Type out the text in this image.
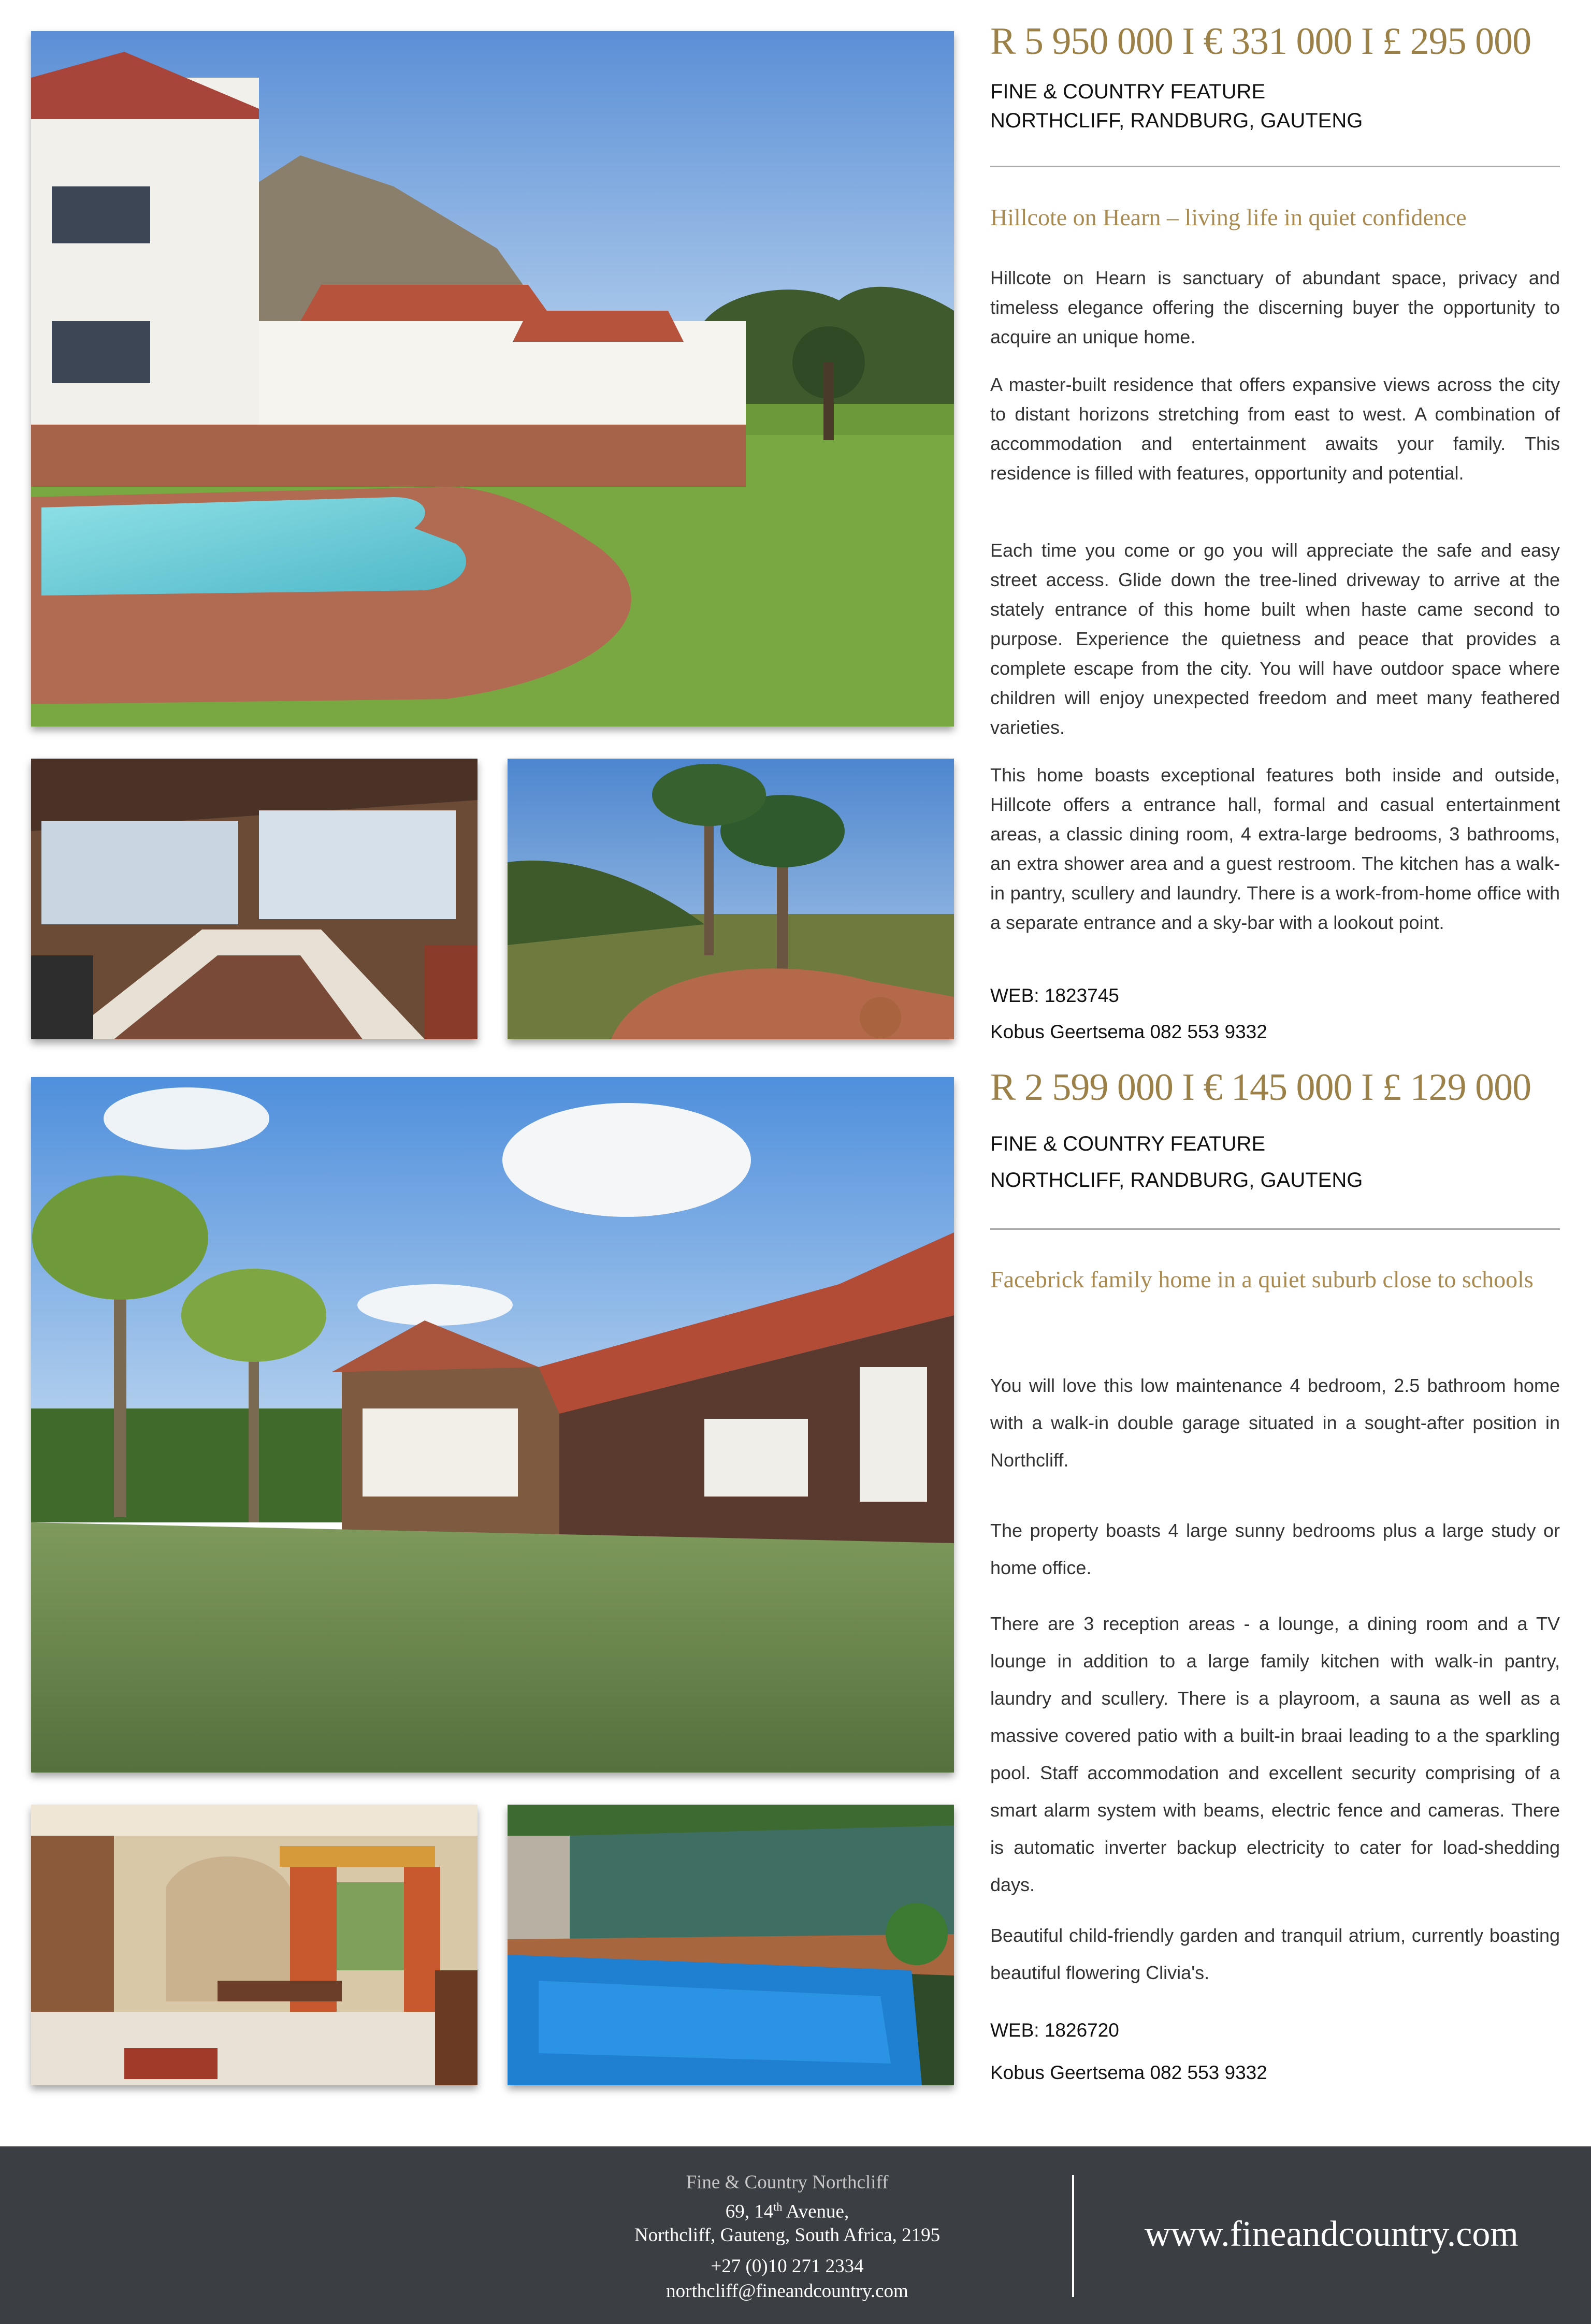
R 5 950 000 I € 331 000 I £ 295 000

FINE & COUNTRY FEATURE
NORTHCLIFF, RANDBURG, GAUTENG
Hillcote on Hearn – living life in quiet confidence

Hillcote on Hearn is sanctuary of abundant space, privacy and timeless elegance offering the discerning buyer the opportunity to acquire an unique home.

A master-built residence that offers expansive views across the city to distant horizons stretching from east to west. A combination of accommodation and entertainment awaits your family. This residence is filled with features, opportunity and potential.

Each time you come or go you will appreciate the safe and easy street access. Glide down the tree-lined driveway to arrive at the stately entrance of this home built when haste came second to purpose. Experience the quietness and peace that provides a complete escape from the city. You will have outdoor space where children will enjoy unexpected freedom and meet many feathered varieties.

This home boasts exceptional features both inside and outside, Hillcote offers a entrance hall, formal and casual entertainment areas, a classic dining room, 4 extra-large bedrooms, 3 bathrooms, an extra shower area and a guest restroom. The kitchen has a walk-in pantry, scullery and laundry. There is a work-from-home office with a separate entrance and a sky-bar with a lookout point.

WEB: 1823745
Kobus Geertsema 082 553 9332

R 2 599 000 I € 145 000 I £ 129 000

FINE & COUNTRY FEATURE
NORTHCLIFF, RANDBURG, GAUTENG
Facebrick family home in a quiet suburb close to schools

You will love this low maintenance 4 bedroom, 2.5 bathroom home with a walk-in double garage situated in a sought-after position in Northcliff.

The property boasts 4 large sunny bedrooms plus a large study or home office.

There are 3 reception areas - a lounge, a dining room and a TV lounge in addition to a large family kitchen with walk-in pantry, laundry and scullery. There is a playroom, a sauna as well as a massive covered patio with a built-in braai leading to a the sparkling pool. Staff accommodation and excellent security comprising of a smart alarm system with beams, electric fence and cameras. There is automatic inverter backup electricity to cater for load-shedding days.

Beautiful child-friendly garden and tranquil atrium, currently boasting beautiful flowering Clivia's.

WEB: 1826720
Kobus Geertsema 082 553 9332
Fine & Country Northcliff
69, 14th Avenue,
Northcliff, Gauteng, South Africa, 2195
+27 (0)10 271 2334
northcliff@fineandcountry.com
www.fineandcountry.com
